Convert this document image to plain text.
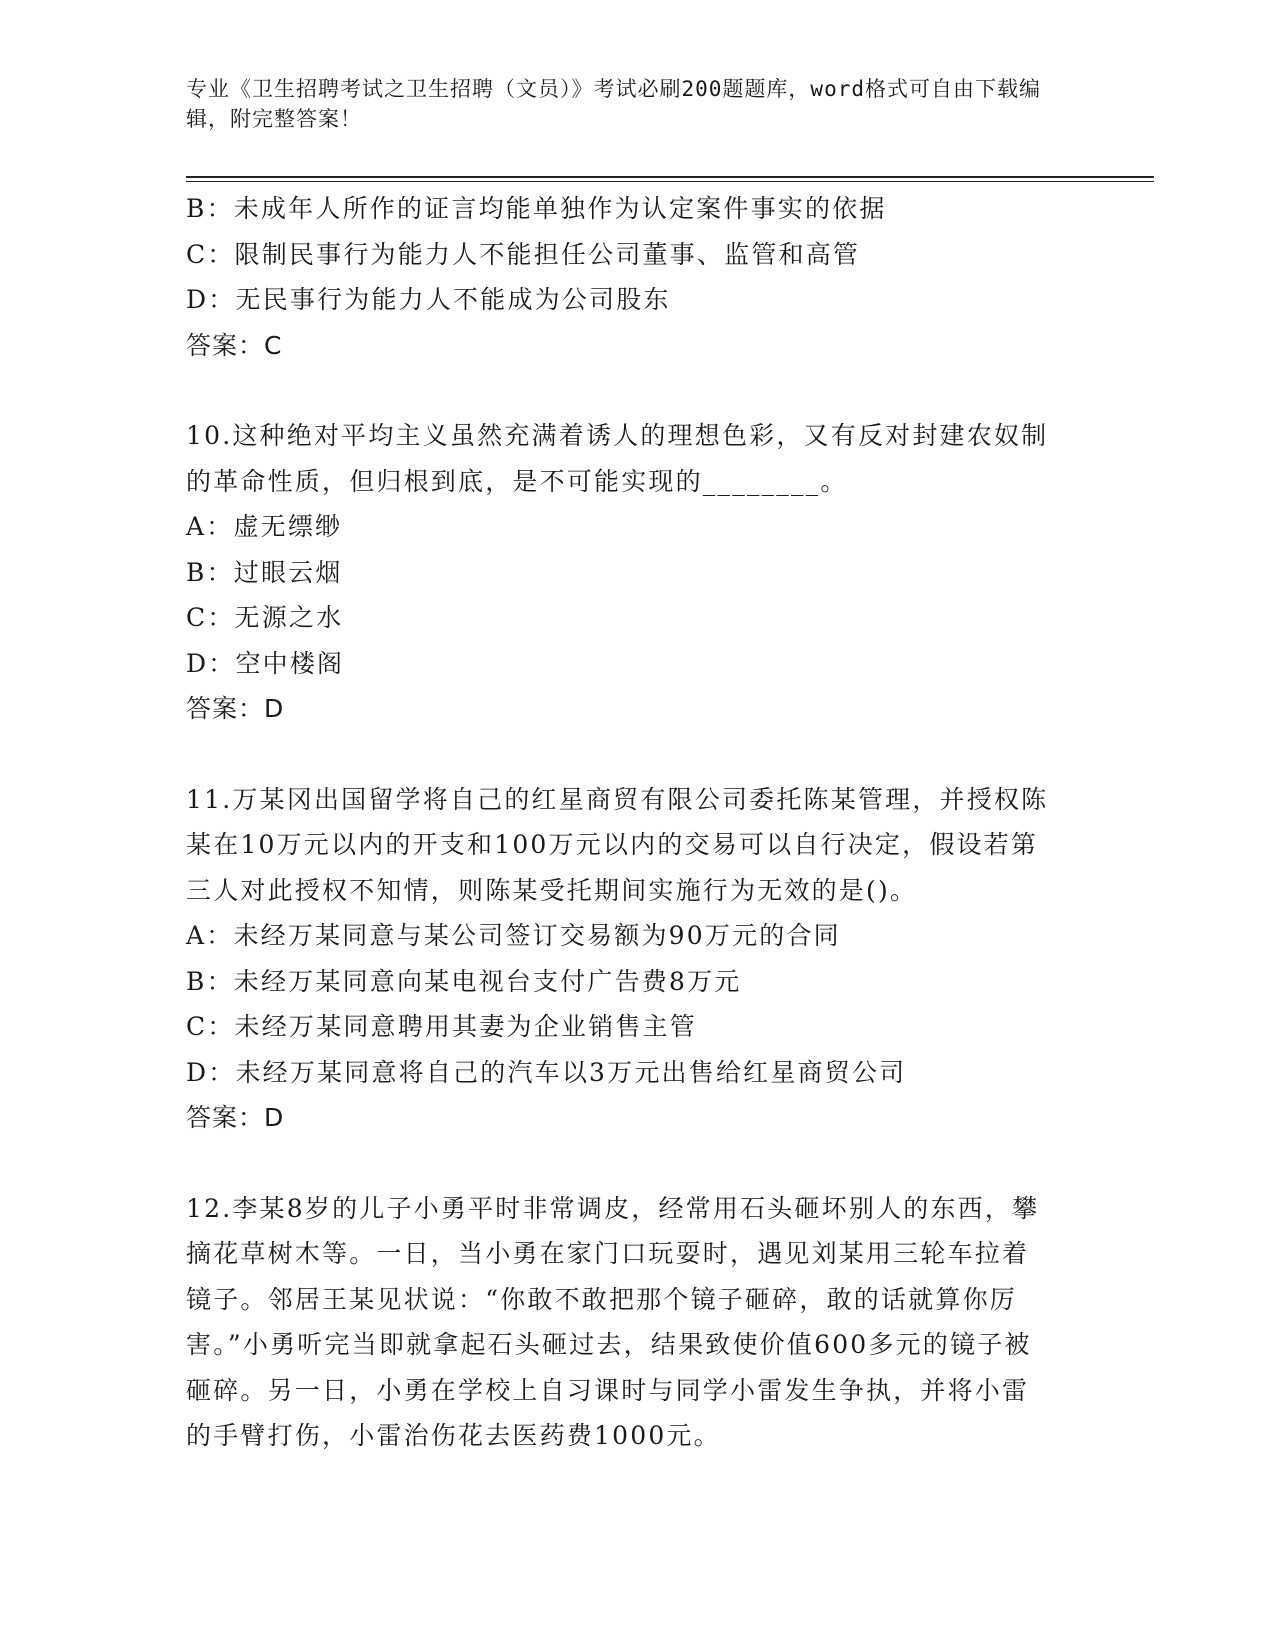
专业《卫生招聘考试之卫生招聘（文员）》考试必刷200题题库，word格式可自由下载编辑，附完整答案！
B：未成年人所作的证言均能单独作为认定案件事实的依据
C：限制民事行为能力人不能担任公司董事、监管和高管
D：无民事行为能力人不能成为公司股东
答案：C
10.这种绝对平均主义虽然充满着诱人的理想色彩，又有反对封建农奴制的革命性质，但归根到底，是不可能实现的________。
A：虚无缥缈
B：过眼云烟
C：无源之水
D：空中楼阁
答案：D
11.万某冈出国留学将自己的红星商贸有限公司委托陈某管理，并授权陈某在10万元以内的开支和100万元以内的交易可以自行决定，假设若第三人对此授权不知情，则陈某受托期间实施行为无效的是()。
A：未经万某同意与某公司签订交易额为90万元的合同
B：未经万某同意向某电视台支付广告费8万元
C：未经万某同意聘用其妻为企业销售主管
D：未经万某同意将自己的汽车以3万元出售给红星商贸公司
答案：D
12.李某8岁的儿子小勇平时非常调皮，经常用石头砸坏别人的东西，攀摘花草树木等。一日，当小勇在家门口玩耍时，遇见刘某用三轮车拉着镜子。邻居王某见状说：“你敢不敢把那个镜子砸碎，敢的话就算你厉害。”小勇听完当即就拿起石头砸过去，结果致使价值600多元的镜子被砸碎。另一日，小勇在学校上自习课时与同学小雷发生争执，并将小雷的手臂打伤，小雷治伤花去医药费1000元。
